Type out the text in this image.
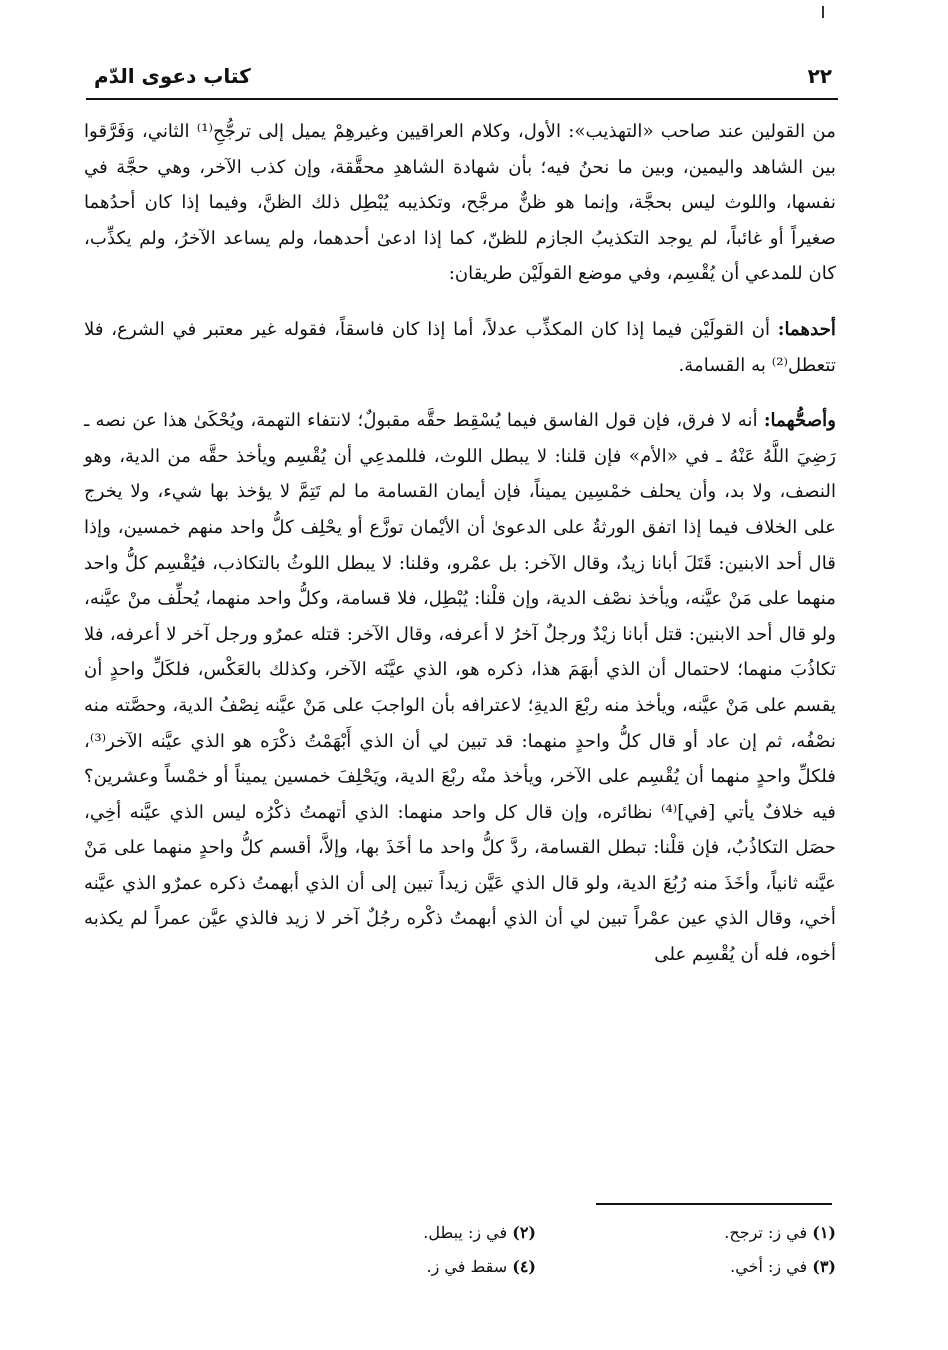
٢٢
كتاب دعوى الدّم

من القولين عند صاحب «التهذيب»: الأول، وكلام العراقيين وغيرهِمْ يميل إلى ترجُّحِ⁽¹⁾ الثاني، وَفَرَّقوا بين الشاهد واليمين، وبين ما نحنُ فيه؛ بأن شهادة الشاهدِ محقَّقة، وإن كذب الآخر، وهي حجَّة في نفسها، واللوث ليس بحجَّة، وإنما هو ظنٌّ مرجَّح، وتكذيبه يُبْطِل ذلك الظنَّ، وفيما إذا كان أحدُهما صغيراً أو غائباً، لم يوجد التكذيبُ الجازم للظنّ، كما إذا ادعىٰ أحدهما، ولم يساعد الآخرُ، ولم يكذِّب، كان للمدعي أن يُقْسِم، وفي موضع القولَيْن طريقان:

أحدهما: أن القولَيْن فيما إذا كان المكذِّب عدلاً، أما إذا كان فاسقاً، فقوله غير معتبر في الشرع، فلا تتعطل⁽²⁾ به القسامة.

وأصحُّهما: أنه لا فرق، فإن قول الفاسق فيما يُسْقِط حقَّه مقبولٌ؛ لانتفاء التهمة، ويُحْكَىٰ هذا عن نصه ـ رَضِيَ اللَّهُ عَنْهُ ـ في «الأم» فإن قلنا: لا يبطل اللوث، فللمدعِي أن يُقْسِم ويأخذ حقَّه من الدية، وهو النصف، ولا بد، وأن يحلف خمْسِين يميناً، فإن أيمان القسامة ما لم تَتِمَّ لا يؤخذ بها شيء، ولا يخرج على الخلاف فيما إذا اتفق الورثةُ على الدعوىٰ أن الأيْمان توزَّع أو يحْلِف كلُّ واحد منهم خمسين، وإذا قال أحد الابنين: قَتَلَ أبانا زيدٌ، وقال الآخر: بل عمْرو، وقلنا: لا يبطل اللوثُ بالتكاذب، فيُقْسِم كلُّ واحد منهما على مَنْ عيَّنه، ويأخذ نصْف الدية، وإن قلْنا: يُبْطِل، فلا قسامة، وكلُّ واحد منهما، يُحلِّف منْ عيَّنه، ولو قال أحد الابنين: قتل أبانا زيْدٌ ورجلٌ آخرُ لا أعرفه، وقال الآخر: قتله عمرٌو ورجل آخر لا أعرفه، فلا تكاذُبَ منهما؛ لاحتمال أن الذي أبهَمَ هذا، ذكره هو، الذي عيَّنَه الآخر، وكذلك بالعَكْس، فلكَلِّ واحدٍ أن يقسم على مَنْ عيَّنه، ويأخذ منه ربْعَ الديةِ؛ لاعترافه بأن الواجبَ على مَنْ عيَّنه نِصْفُ الدية، وحصَّته منه نصْفُه، ثم إن عاد أو قال كلُّ واحدٍ منهما: قد تبين لي أن الذي أَبْهَمْتُ ذكْرَه هو الذي عيَّنه الآخر⁽³⁾، فلكلِّ واحدٍ منهما أن يُقْسِم على الآخر، ويأخذ منْه ربْعَ الدية، ويَحْلِفَ خمسين يميناً أو خمْساً وعشرين؟ فيه خلافٌ يأتي [في]⁽⁴⁾ نظائره، وإن قال كل واحد منهما: الذي أتهمتُ ذكْرُه ليس الذي عيَّنه أخِي، حصَل التكاذُبُ، فإن قلْنا: تبطل القسامة، ردَّ كلُّ واحد ما أخَذَ بها، وإلاَّ، أقسم كلُّ واحدٍ منهما على مَنْ عيَّنه ثانياً، وأخَذَ منه رُبُعَ الدية، ولو قال الذي عَيَّن زيداً تبين إلى أن الذي أبهمتُ ذكره عمرٌو الذي عيَّنه أخي، وقال الذي عين عمْراً تبين لي أن الذي أبهمتُ ذكْره رجُلٌ آخر لا زيد فالذي عيَّن عمراً لم يكذبه أخوه، فله أن يُقْسِم على

(١) في ز: ترجح.
(٢) في ز: يبطل.
(٣) في ز: أخي.
(٤) سقط في ز.
